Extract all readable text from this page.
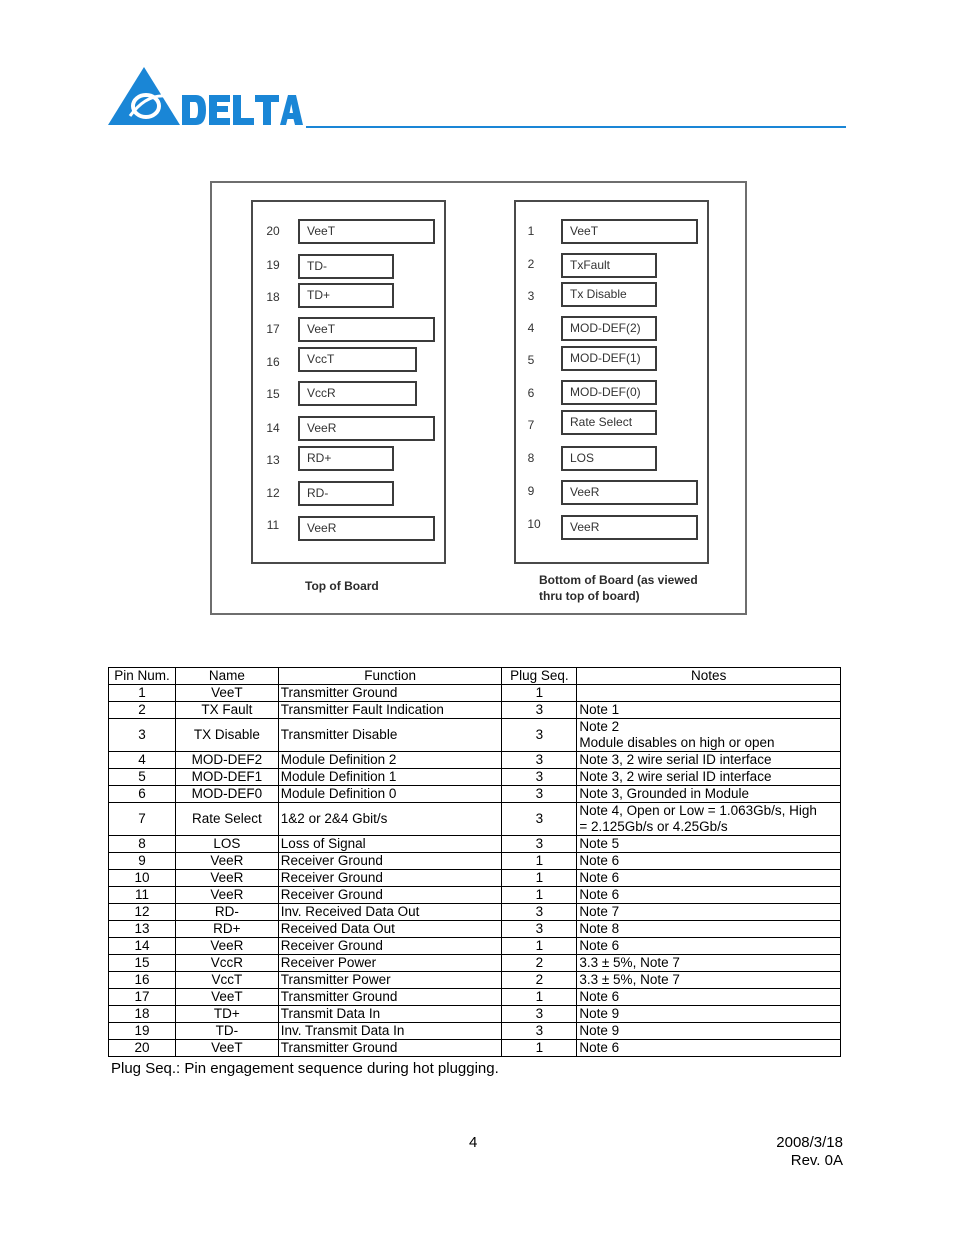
20	VeeT
19	TD-
18	TD+
17	VeeT
16	VccT
15	VccR
14	VeeR
13	RD+
12	RD-
11	VeeR
1	VeeT
2	TxFault
3	Tx Disable
4	MOD-DEF(2)
5	MOD-DEF(1)
6	MOD-DEF(0)
7	Rate Select
8	LOS
9	VeeR
10	VeeR
Top of Board	Bottom of Board (as viewed
thru top of board)
Pin Num.	Name	Function	Plug Seq.	Notes
1	VeeT	Transmitter Ground	1	
2	TX Fault	Transmitter Fault Indication	3	Note 1
3	TX Disable	Transmitter Disable	3	Note 2
Module disables on high or open

4	MOD-DEF2	Module Definition 2	3	Note 3, 2 wire serial ID interface
5	MOD-DEF1	Module Definition 1	3	Note 3, 2 wire serial ID interface
6	MOD-DEF0	Module Definition 0	3	Note 3, Grounded in Module
7	Rate Select	1&2 or 2&4 Gbit/s	3	Note 4, Open or Low = 1.063Gb/s, High
= 2.125Gb/s or 4.25Gb/s

8	LOS	Loss of Signal	3	Note 5
9	VeeR	Receiver Ground	1	Note 6
10	VeeR	Receiver Ground	1	Note 6
11	VeeR	Receiver Ground	1	Note 6
12	RD-	Inv. Received Data Out	3	Note 7
13	RD+	Received Data Out	3	Note 8
14	VeeR	Receiver Ground	1	Note 6
15	VccR	Receiver Power	2	3.3 ± 5%, Note 7
16	VccT	Transmitter Power	2	3.3 ± 5%, Note 7
17	VeeT	Transmitter Ground	1	Note 6
18	TD+	Transmit Data In	3	Note 9
19	TD-	Inv. Transmit Data In	3	Note 9
20	VeeT	Transmitter Ground	1	Note 6
Plug Seq.: Pin engagement sequence during hot plugging.
4	2008/3/18
Rev. 0A
